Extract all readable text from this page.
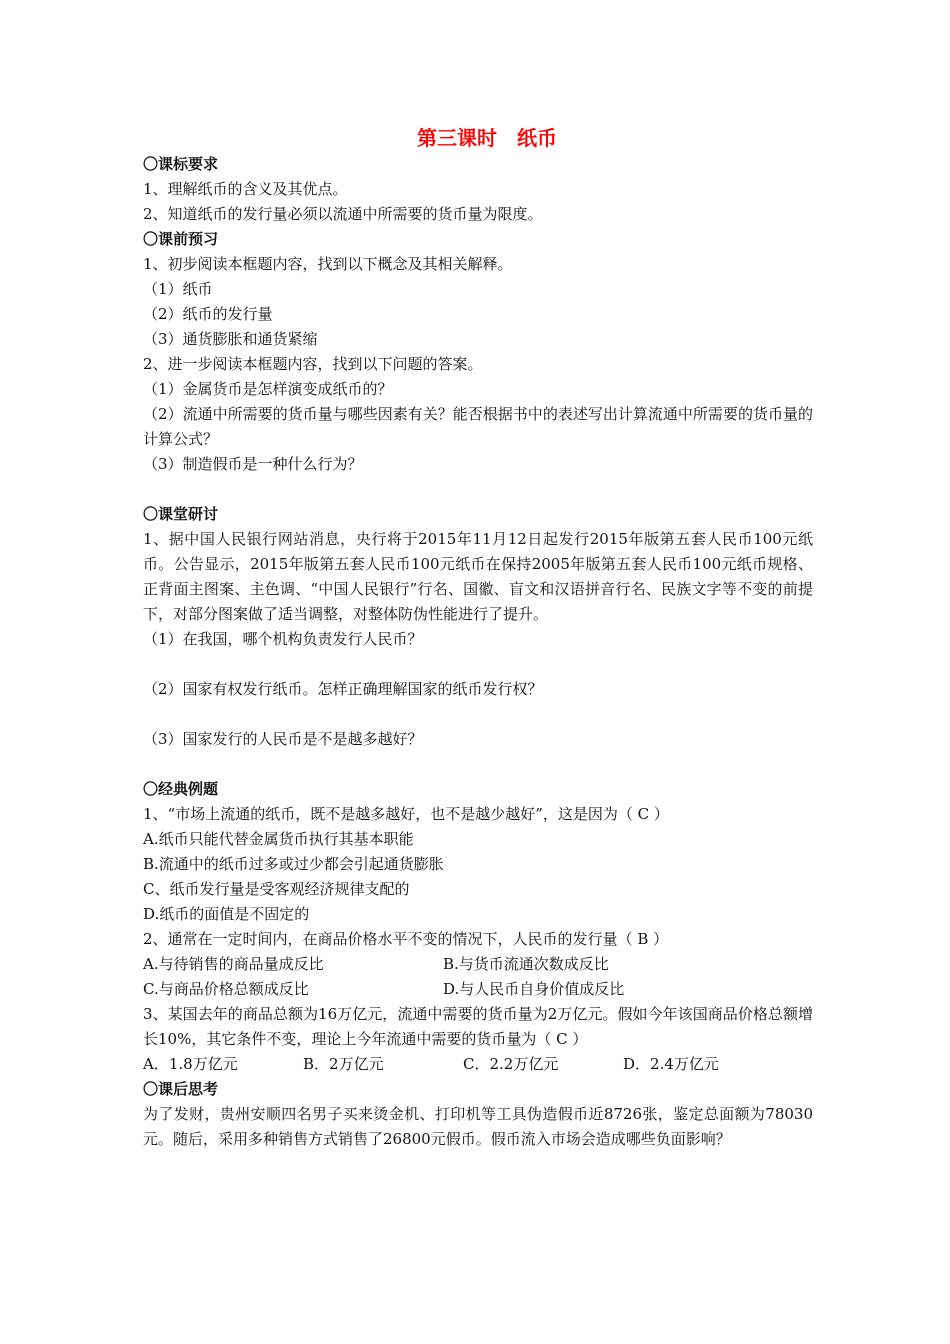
第三课时　纸币
〇课标要求
1、理解纸币的含义及其优点。
2、知道纸币的发行量必须以流通中所需要的货币量为限度。
〇课前预习
1、初步阅读本框题内容，找到以下概念及其相关解释。
（1）纸币
（2）纸币的发行量
（3）通货膨胀和通货紧缩
2、进一步阅读本框题内容，找到以下问题的答案。
（1）金属货币是怎样演变成纸币的？
（2）流通中所需要的货币量与哪些因素有关？能否根据书中的表述写出计算流通中所需要的货币量的计算公式？
（3）制造假币是一种什么行为？
〇课堂研讨
1、据中国人民银行网站消息，央行将于2015年11月12日起发行2015年版第五套人民币100元纸币。公告显示，2015年版第五套人民币100元纸币在保持2005年版第五套人民币100元纸币规格、正背面主图案、主色调、“中国人民银行”行名、国徽、盲文和汉语拼音行名、民族文字等不变的前提下，对部分图案做了适当调整，对整体防伪性能进行了提升。
（1）在我国，哪个机构负责发行人民币？
（2）国家有权发行纸币。怎样正确理解国家的纸币发行权？
（3）国家发行的人民币是不是越多越好？
〇经典例题
1、“市场上流通的纸币，既不是越多越好，也不是越少越好”，这是因为（ C ）
A.纸币只能代替金属货币执行其基本职能
B.流通中的纸币过多或过少都会引起通货膨胀
C、纸币发行量是受客观经济规律支配的
D.纸币的面值是不固定的
2、通常在一定时间内，在商品价格水平不变的情况下，人民币的发行量（ B ）
A.与待销售的商品量成反比	B.与货币流通次数成反比
C.与商品价格总额成反比	D.与人民币自身价值成反比
3、某国去年的商品总额为16万亿元，流通中需要的货币量为2万亿元。假如今年该国商品价格总额增长10%，其它条件不变，理论上今年流通中需要的货币量为（ C ）
A．1.8万亿元	B．2万亿元	C．2.2万亿元	D．2.4万亿元
〇课后思考
为了发财，贵州安顺四名男子买来烫金机、打印机等工具伪造假币近8726张，鉴定总面额为78030元。随后，采用多种销售方式销售了26800元假币。假币流入市场会造成哪些负面影响？
